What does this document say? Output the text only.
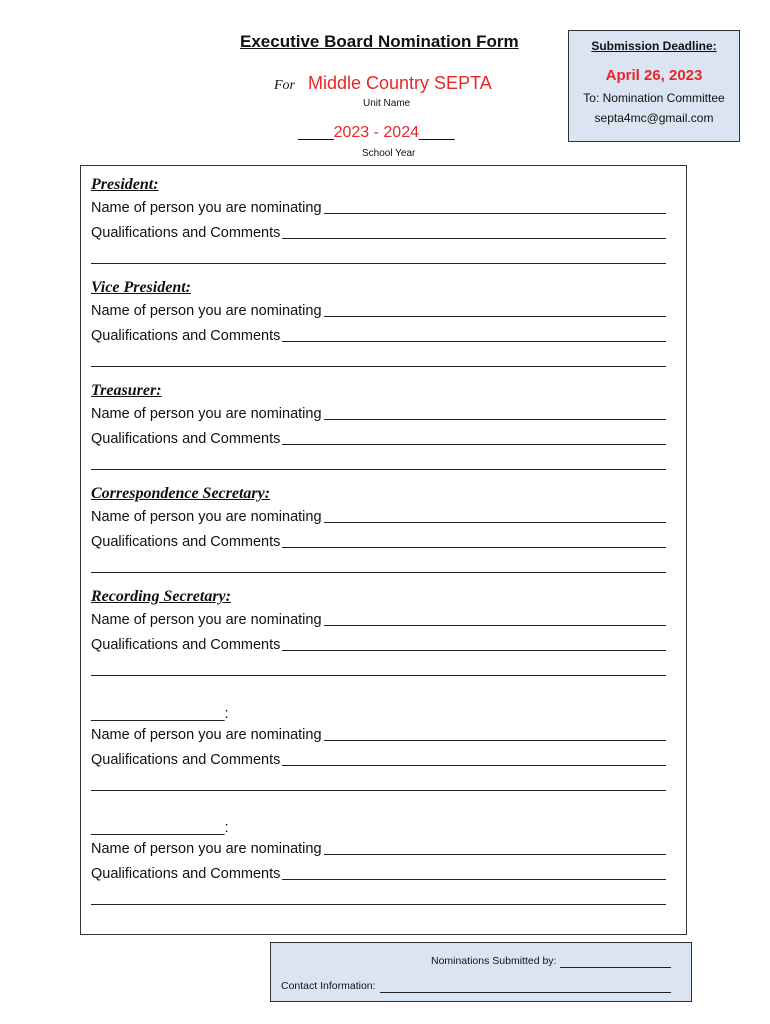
Executive Board Nomination Form
For Middle Country SEPTA
Unit Name
____2023 - 2024____
School Year
Submission Deadline:
April 26, 2023
To: Nomination Committee
septa4mc@gmail.com
President:
Name of person you are nominating
Qualifications and Comments
Vice President:
Name of person you are nominating
Qualifications and Comments
Treasurer:
Name of person you are nominating
Qualifications and Comments
Correspondence Secretary:
Name of person you are nominating
Qualifications and Comments
Recording Secretary:
Name of person you are nominating
Qualifications and Comments
________________:
Name of person you are nominating
Qualifications and Comments
________________:
Name of person you are nominating
Qualifications and Comments
Nominations Submitted by:
Contact Information:
